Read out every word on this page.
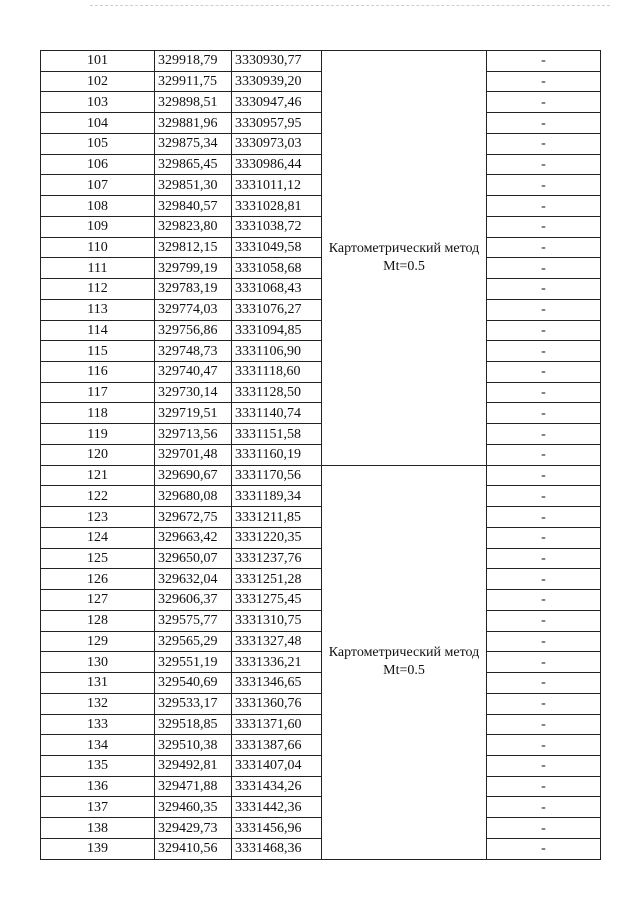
101	329918,79	3330930,77	Картометрический метод Mt=0.5	-
102	329911,75	3330939,20		-
103	329898,51	3330947,46		-
104	329881,96	3330957,95		-
105	329875,34	3330973,03		-
106	329865,45	3330986,44		-
107	329851,30	3331011,12		-
108	329840,57	3331028,81		-
109	329823,80	3331038,72		-
110	329812,15	3331049,58		-
111	329799,19	3331058,68		-
112	329783,19	3331068,43		-
113	329774,03	3331076,27		-
114	329756,86	3331094,85		-
115	329748,73	3331106,90		-
116	329740,47	3331118,60		-
117	329730,14	3331128,50		-
118	329719,51	3331140,74		-
119	329713,56	3331151,58		-
120	329701,48	3331160,19		-
121	329690,67	3331170,56	Картометрический метод Mt=0.5	-
122	329680,08	3331189,34		-
123	329672,75	3331211,85		-
124	329663,42	3331220,35		-
125	329650,07	3331237,76		-
126	329632,04	3331251,28		-
127	329606,37	3331275,45		-
128	329575,77	3331310,75		-
129	329565,29	3331327,48		-
130	329551,19	3331336,21		-
131	329540,69	3331346,65		-
132	329533,17	3331360,76		-
133	329518,85	3331371,60		-
134	329510,38	3331387,66		-
135	329492,81	3331407,04		-
136	329471,88	3331434,26		-
137	329460,35	3331442,36		-
138	329429,73	3331456,96		-
139	329410,56	3331468,36		-
